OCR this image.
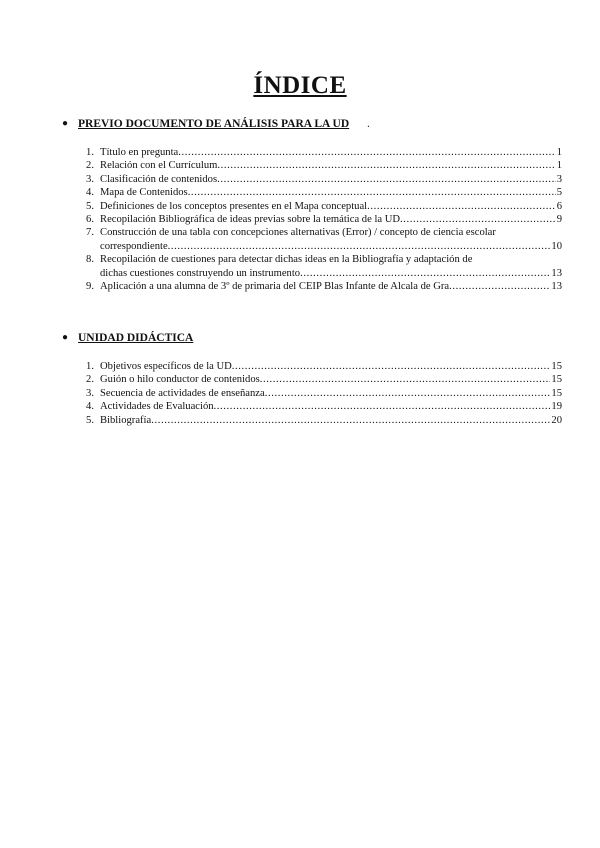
ÍNDICE
● PREVIO DOCUMENTO DE ANÁLISIS PARA LA UD .
1. Título en pregunta .....	1
2. Relación con el Currículum .....	1
3. Clasificación de contenidos .....	3
4. Mapa de Contenidos .....	5
5. Definiciones de los conceptos presentes en el Mapa conceptual .....	6
6. Recopilación Bibliográfica de ideas previas sobre la temática de la UD .....	9
7. Construcción de una tabla con concepciones alternativas (Error) / concepto de ciencia escolar
correspondiente .....	10
8. Recopilación de cuestiones para detectar dichas ideas en la Bibliografía y adaptación de
dichas cuestiones construyendo un instrumento .....	13
9. Aplicación a una alumna de 3º de primaria del CEIP Blas Infante de Alcala de Gra .....	13
● UNIDAD DIDÁCTICA
1. Objetivos específicos de la UD .....	15
2. Guión o hilo conductor de contenidos .....	15
3. Secuencia de actividades de enseñanza .....	15
4. Actividades de Evaluación .....	19
5. Bibliografía .....	20
